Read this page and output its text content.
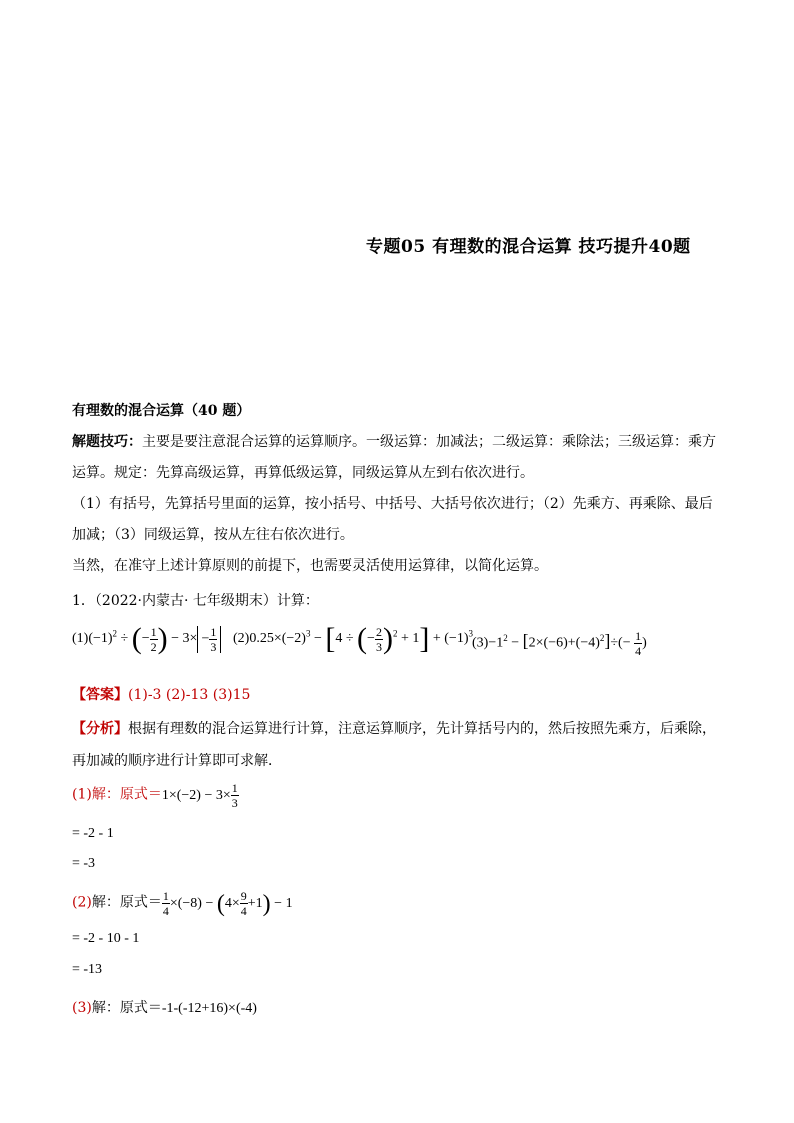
专题05 有理数的混合运算 技巧提升40题
有理数的混合运算（40 题）
解题技巧：主要是要注意混合运算的运算顺序。一级运算：加减法；二级运算：乘除法；三级运算：乘方
运算。规定：先算高级运算，再算低级运算，同级运算从左到右依次进行。
（1）有括号，先算括号里面的运算，按小括号、中括号、大括号依次进行；（2）先乘方、再乘除、最后
加减；（3）同级运算，按从左往右依次进行。
当然，在准守上述计算原则的前提下，也需要灵活使用运算律，以简化运算。
1．（2022·内蒙古· 七年级期末）计算：
$(1)(-1)^2$ ÷ (− $\frac{1}{2}$ ) − $3\times - \frac{1}{3} (2)0.25\times(-2)^3 - [4$ ÷ (− $\frac{2}{3} )^2 + 1] + (-1)^3$
$(3)-1^2 - [2\times(-6)+(-4)^2]\div(- \frac{1}{4}$ )
【答案】(1)-3 (2)-13 (3)15
【分析】根据有理数的混合运算进行计算，注意运算顺序，先计算括号内的，然后按照先乘方，后乘除，
再加减的顺序进行计算即可求解．
(1)解：原式$=1\times(-2) - 3\times \frac{1}{3}$
= -2 - 1
= -3
(2)解：原式＝ $\frac{1}{4} \times(-8) - (4\times \frac{9}{4} +1) - 1$
= -2 - 10 - 1
= -13
(3)解：原式＝-1-(-12+16)×(-4)
